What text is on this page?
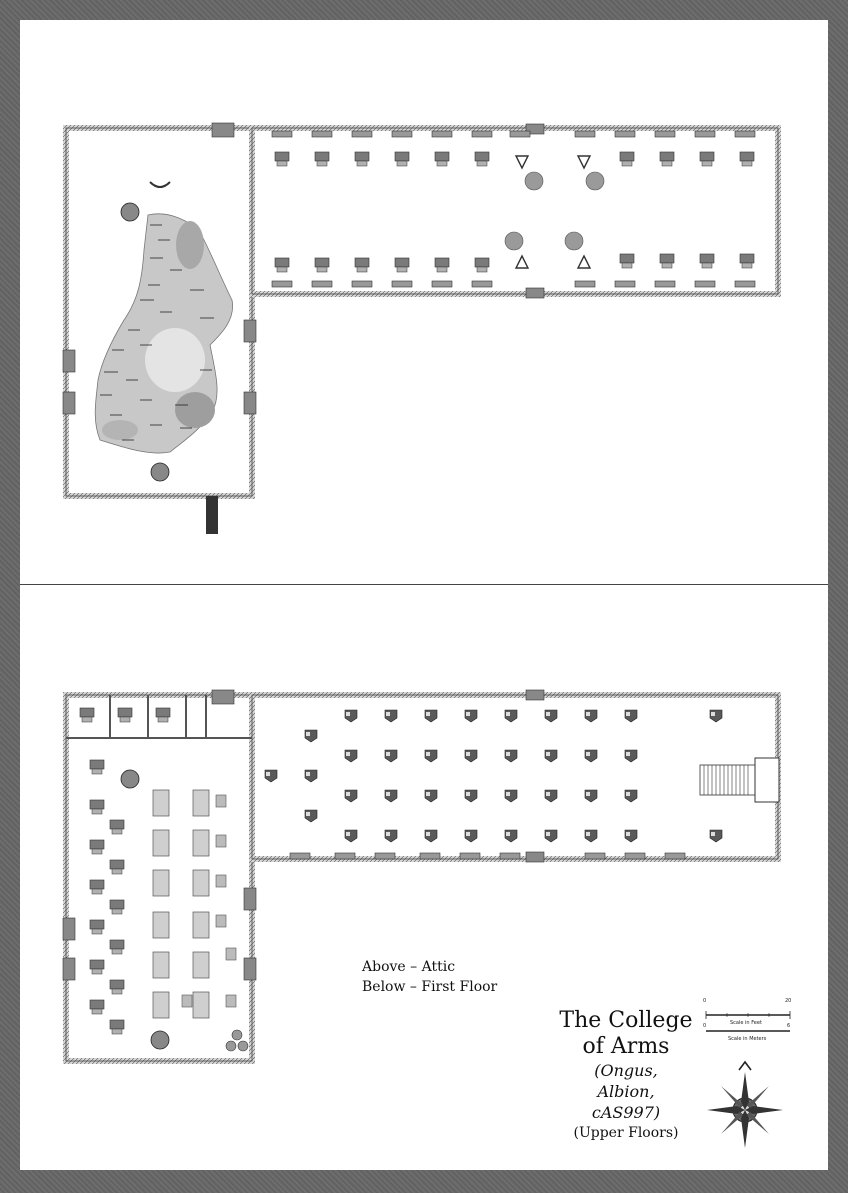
Above – Attic
Below – First Floor
The College
of Arms
(Ongus,
Albion,
cAS997)
(Upper Floors)
0	20
Scale in Feet
0	6
Scale in Meters
